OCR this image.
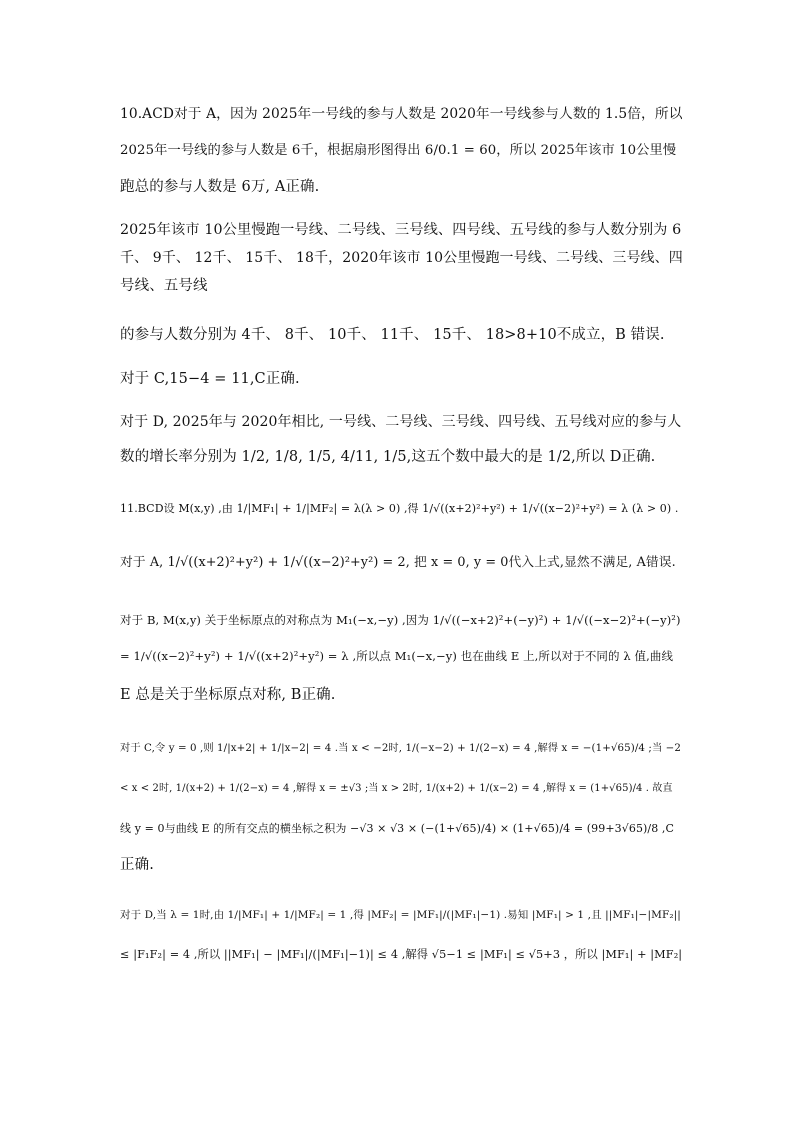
10.ACD对于 A，因为 2025年一号线的参与人数是 2020年一号线参与人数的 1.5倍，所以
2025年一号线的参与人数是 6千，根据扇形图得出 6/0.1 = 60，所以 2025年该市 10公里慢
跑总的参与人数是 6万, A正确.
2025年该市 10公里慢跑一号线、二号线、三号线、四号线、五号线的参与人数分别为 6
千、 9千、 12千、 15千、 18千，2020年该市 10公里慢跑一号线、二号线、三号线、四
号线、五号线
的参与人数分别为 4千、 8千、 10千、 11千、 15千、 18>8+10不成立，B 错误.
对于 C,15−4 = 11,C正确.
对于 D, 2025年与 2020年相比, 一号线、二号线、三号线、四号线、五号线对应的参与人
数的增长率分别为 1/2, 1/8, 1/5, 4/11, 1/5,这五个数中最大的是 1/2,所以 D正确.
11.BCD设 M(x,y) ,由 1/|MF₁| + 1/|MF₂| = λ(λ > 0) ,得 1/√((x+2)²+y²) + 1/√((x−2)²+y²) = λ (λ > 0) .
对于 A, 1/√((x+2)²+y²) + 1/√((x−2)²+y²) = 2, 把 x = 0, y = 0代入上式,显然不满足, A错误.
对于 B, M(x,y) 关于坐标原点的对称点为 M₁(−x,−y) ,因为 1/√((−x+2)²+(−y)²) + 1/√((−x−2)²+(−y)²)
= 1/√((x−2)²+y²) + 1/√((x+2)²+y²) = λ ,所以点 M₁(−x,−y) 也在曲线 E 上,所以对于不同的 λ 值,曲线
E 总是关于坐标原点对称, B正确.
对于 C,令 y = 0 ,则 1/|x+2| + 1/|x−2| = 4 .当 x < −2时, 1/(−x−2) + 1/(2−x) = 4 ,解得 x = −(1+√65)/4 ;当 −2
< x < 2时, 1/(x+2) + 1/(2−x) = 4 ,解得 x = ±√3 ;当 x > 2时, 1/(x+2) + 1/(x−2) = 4 ,解得 x = (1+√65)/4 . 故直
线 y = 0与曲线 E 的所有交点的横坐标之积为 −√3 × √3 × (−(1+√65)/4) × (1+√65)/4 = (99+3√65)/8 ,C
正确.
对于 D,当 λ = 1时,由 1/|MF₁| + 1/|MF₂| = 1 ,得 |MF₂| = |MF₁|/(|MF₁|−1) .易知 |MF₁| > 1 ,且 ||MF₁|−|MF₂||
≤ |F₁F₂| = 4 ,所以 ||MF₁| − |MF₁|/(|MF₁|−1)| ≤ 4 ,解得 √5−1 ≤ |MF₁| ≤ √5+3 ，所以 |MF₁| + |MF₂|
